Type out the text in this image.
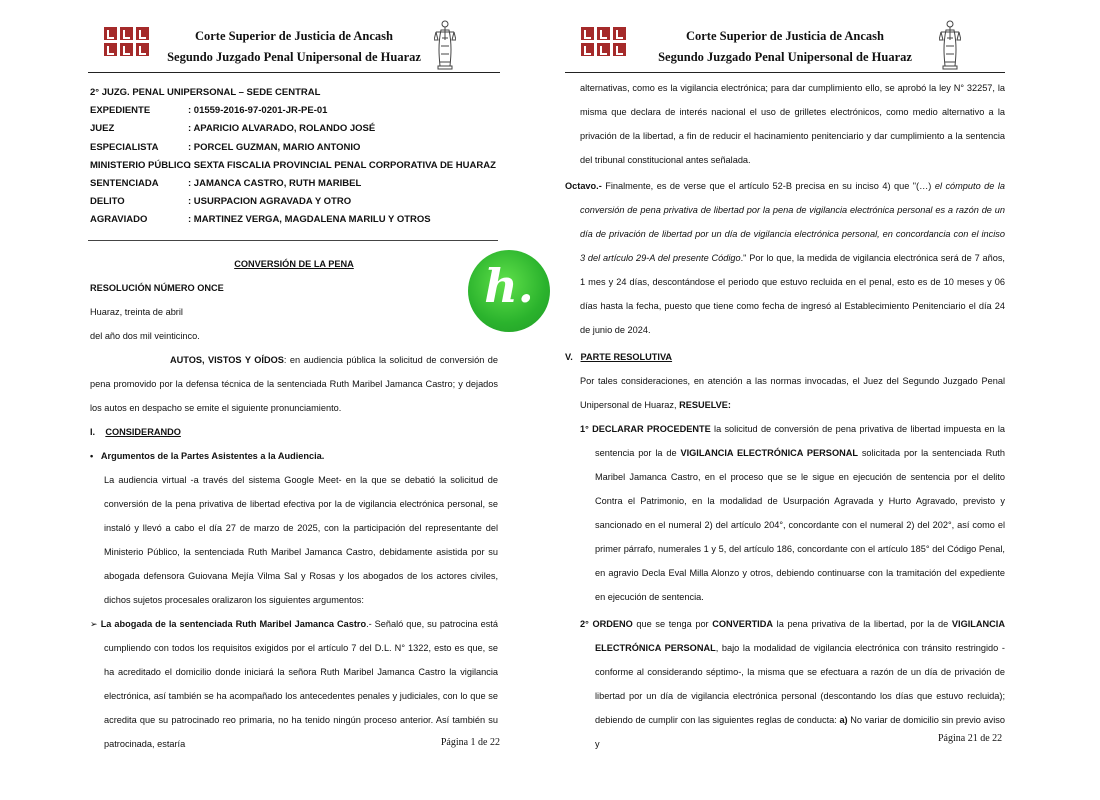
Corte Superior de Justicia de Ancash
Segundo Juzgado Penal Unipersonal de Huaraz
2° JUZG. PENAL UNIPERSONAL – SEDE CENTRAL
EXPEDIENTE	: 01559-2016-97-0201-JR-PE-01
JUEZ	: APARICIO ALVARADO, ROLANDO JOSÉ
ESPECIALISTA	: PORCEL GUZMAN, MARIO ANTONIO
MINISTERIO PÚBLICO
: SEXTA FISCALIA PROVINCIAL PENAL CORPORATIVA DE HUARAZ
SENTENCIADA	: JAMANCA CASTRO, RUTH MARIBEL
DELITO	: USURPACION AGRAVADA Y OTRO
AGRAVIADO	: MARTINEZ VERGA, MAGDALENA MARILU Y OTROS

CONVERSIÓN DE LA PENA

RESOLUCIÓN NÚMERO ONCE

Huaraz, treinta de abril

del año dos mil veinticinco.

AUTOS, VISTOS Y OÍDOS: en audiencia pública la solicitud de conversión de pena promovido por la defensa técnica de la sentenciada Ruth Maribel Jamanca Castro; y dejados los autos en despacho se emite el siguiente pronunciamiento.

I. CONSIDERANDO

•   Argumentos de la Partes Asistentes a la Audiencia.

La audiencia virtual -a través del sistema Google Meet- en la que se debatió la solicitud de conversión de la pena privativa de libertad efectiva por la de vigilancia electrónica personal, se instaló y llevó a cabo el día 27 de marzo de 2025, con la participación del representante del Ministerio Público, la sentenciada Ruth Maribel Jamanca Castro, debidamente asistida por su abogada defensora Guiovana Mejía Vilma Sal y Rosas y los abogados de los actores civiles, dichos sujetos procesales oralizaron los siguientes argumentos:

➢ La abogada de la sentenciada Ruth Maribel Jamanca Castro.- Señaló que, su patrocina está cumpliendo con todos los requisitos exigidos por el artículo 7 del D.L. N° 1322, esto es que, se ha acreditado el domicilio donde iniciará la señora Ruth Maribel Jamanca Castro la vigilancia electrónica, así también se ha acompañado los antecedentes penales y judiciales, con lo que se acredita que su patrocinado reo primaria, no ha tenido ningún proceso anterior. Así también su patrocinada, estaría	Página 1 de 22
h.
Corte Superior de Justicia de Ancash
Segundo Juzgado Penal Unipersonal de Huaraz
alternativas, como es la vigilancia electrónica; para dar cumplimiento ello, se aprobó la ley N° 32257, la misma que declara de interés nacional el uso de grilletes electrónicos, como medio alternativo a la privación de la libertad, a fin de reducir el hacinamiento penitenciario y dar cumplimiento a la sentencia del tribunal constitucional antes señalada.
Octavo.- Finalmente, es de verse que el artículo 52-B precisa en su inciso 4) que "(…) el cómputo de la conversión de pena privativa de libertad por la pena de vigilancia electrónica personal es a razón de un día de privación de libertad por un día de vigilancia electrónica personal, en concordancia con el inciso 3 del artículo 29-A del presente Código." Por lo que, la medida de vigilancia electrónica será de 7 años, 1 mes y 24 días, descontándose el periodo que estuvo recluida en el penal, esto es de 10 meses y 06 días hasta la fecha, puesto que tiene como fecha de ingresó al Establecimiento Penitenciario el día 24 de junio de 2024.
V. PARTE RESOLUTIVA
Por tales consideraciones, en atención a las normas invocadas, el Juez del Segundo Juzgado Penal Unipersonal de Huaraz, RESUELVE:
1° DECLARAR PROCEDENTE la solicitud de conversión de pena privativa de libertad impuesta en la sentencia por la de VIGILANCIA ELECTRÓNICA PERSONAL solicitada por la sentenciada Ruth Maribel Jamanca Castro, en el proceso que se le sigue en ejecución de sentencia por el delito Contra el Patrimonio, en la modalidad de Usurpación Agravada y Hurto Agravado, previsto y sancionado en el numeral 2) del artículo 204°, concordante con el numeral 2) del 202°, así como el primer párrafo, numerales 1 y 5, del artículo 186, concordante con el artículo 185° del Código Penal, en agravio Decla Eval Milla Alonzo y otros, debiendo continuarse con la tramitación del expediente en ejecución de sentencia.
2° ORDENO que se tenga por CONVERTIDA la pena privativa de la libertad, por la de VIGILANCIA ELECTRÓNICA PERSONAL, bajo la modalidad de vigilancia electrónica con tránsito restringido -conforme al considerando séptimo-, la misma que se efectuara a razón de un día de privación de libertad por un día de vigilancia electrónica personal (descontando los días que estuvo recluida); debiendo de cumplir con las siguientes reglas de conducta: a) No variar de domicilio sin previo aviso y	Página 21 de 22
